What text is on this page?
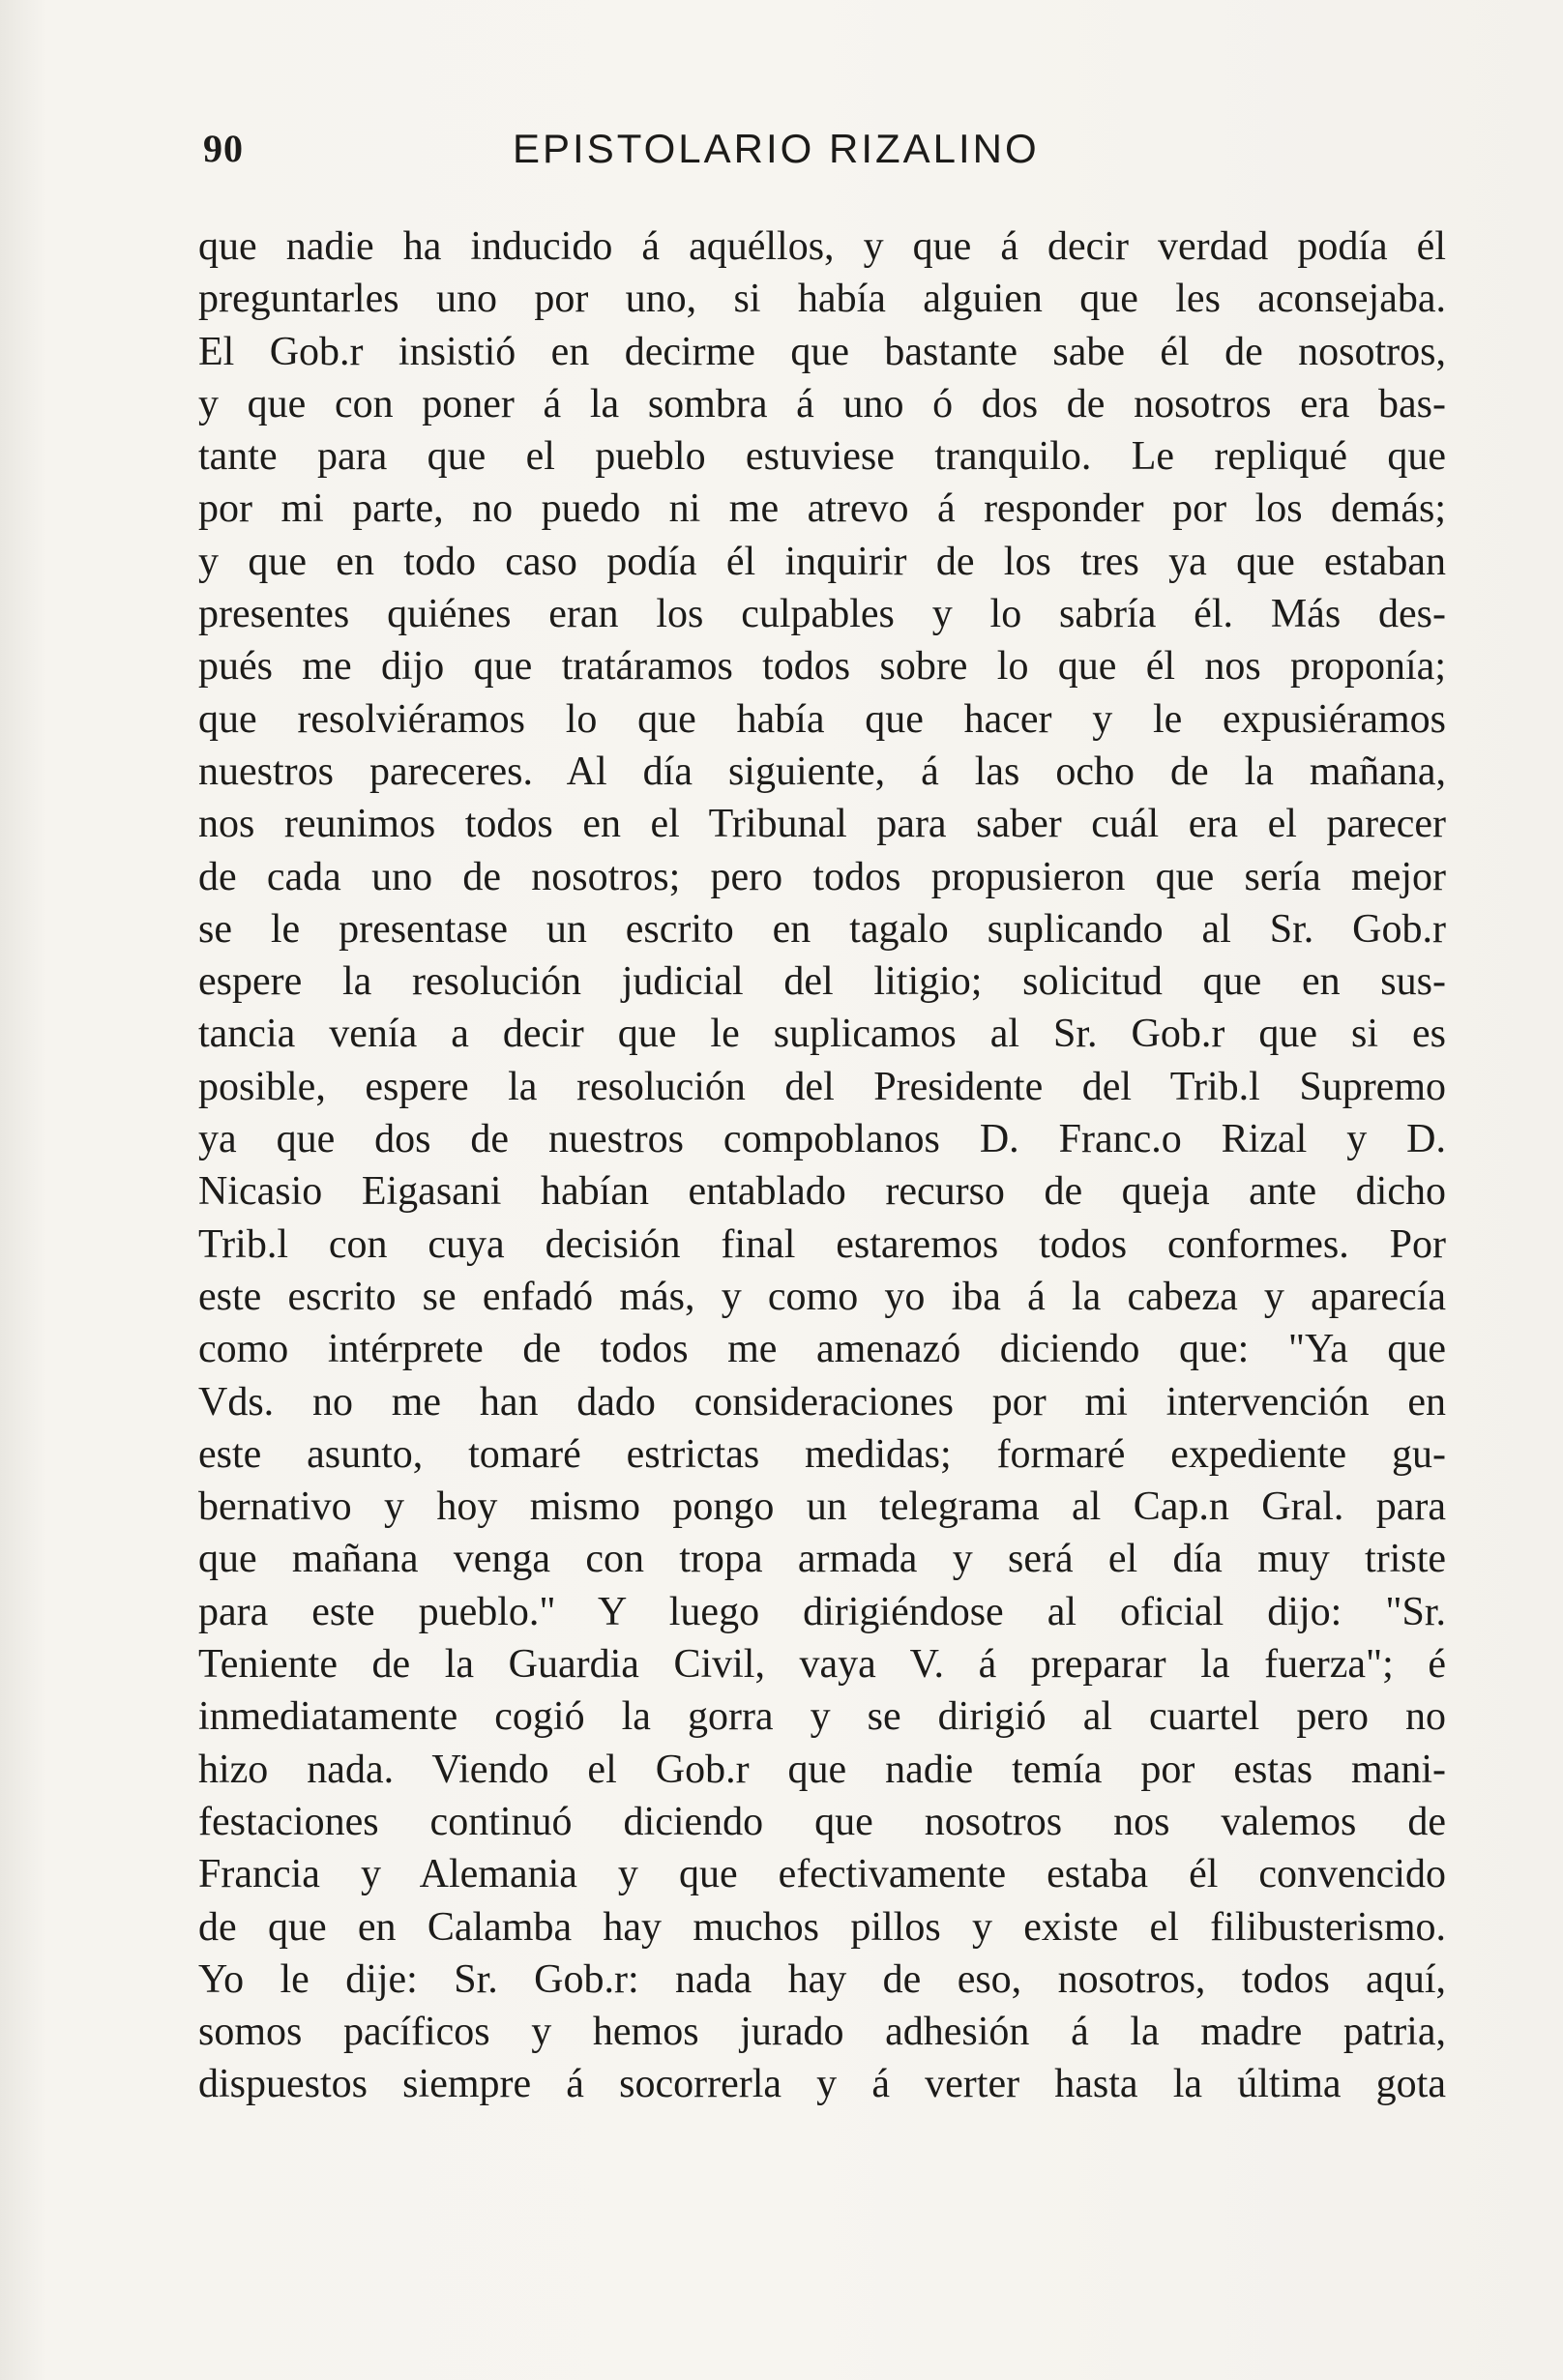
90	EPISTOLARIO RIZALINO
que nadie ha inducido á aquéllos, y que á decir verdad podía él
preguntarles uno por uno, si había alguien que les aconsejaba.
El Gob.r insistió en decirme que bastante sabe él de nosotros,
y que con poner á la sombra á uno ó dos de nosotros era bas-
tante para que el pueblo estuviese tranquilo. Le repliqué que
por mi parte, no puedo ni me atrevo á responder por los demás;
y que en todo caso podía él inquirir de los tres ya que estaban
presentes quiénes eran los culpables y lo sabría él. Más des-
pués me dijo que tratáramos todos sobre lo que él nos proponía;
que resolviéramos lo que había que hacer y le expusiéramos
nuestros pareceres. Al día siguiente, á las ocho de la mañana,
nos reunimos todos en el Tribunal para saber cuál era el parecer
de cada uno de nosotros; pero todos propusieron que sería mejor
se le presentase un escrito en tagalo suplicando al Sr. Gob.r
espere la resolución judicial del litigio; solicitud que en sus-
tancia venía a decir que le suplicamos al Sr. Gob.r que si es
posible, espere la resolución del Presidente del Trib.l Supremo
ya que dos de nuestros compoblanos D. Franc.o Rizal y D.
Nicasio Eigasani habían entablado recurso de queja ante dicho
Trib.l con cuya decisión final estaremos todos conformes. Por
este escrito se enfadó más, y como yo iba á la cabeza y aparecía
como intérprete de todos me amenazó diciendo que: "Ya que
Vds. no me han dado consideraciones por mi intervención en
este asunto, tomaré estrictas medidas; formaré expediente gu-
bernativo y hoy mismo pongo un telegrama al Cap.n Gral. para
que mañana venga con tropa armada y será el día muy triste
para este pueblo." Y luego dirigiéndose al oficial dijo: "Sr.
Teniente de la Guardia Civil, vaya V. á preparar la fuerza"; é
inmediatamente cogió la gorra y se dirigió al cuartel pero no
hizo nada. Viendo el Gob.r que nadie temía por estas mani-
festaciones continuó diciendo que nosotros nos valemos de
Francia y Alemania y que efectivamente estaba él convencido
de que en Calamba hay muchos pillos y existe el filibusterismo.
Yo le dije: Sr. Gob.r: nada hay de eso, nosotros, todos aquí,
somos pacíficos y hemos jurado adhesión á la madre patria,
dispuestos siempre á socorrerla y á verter hasta la última gota
